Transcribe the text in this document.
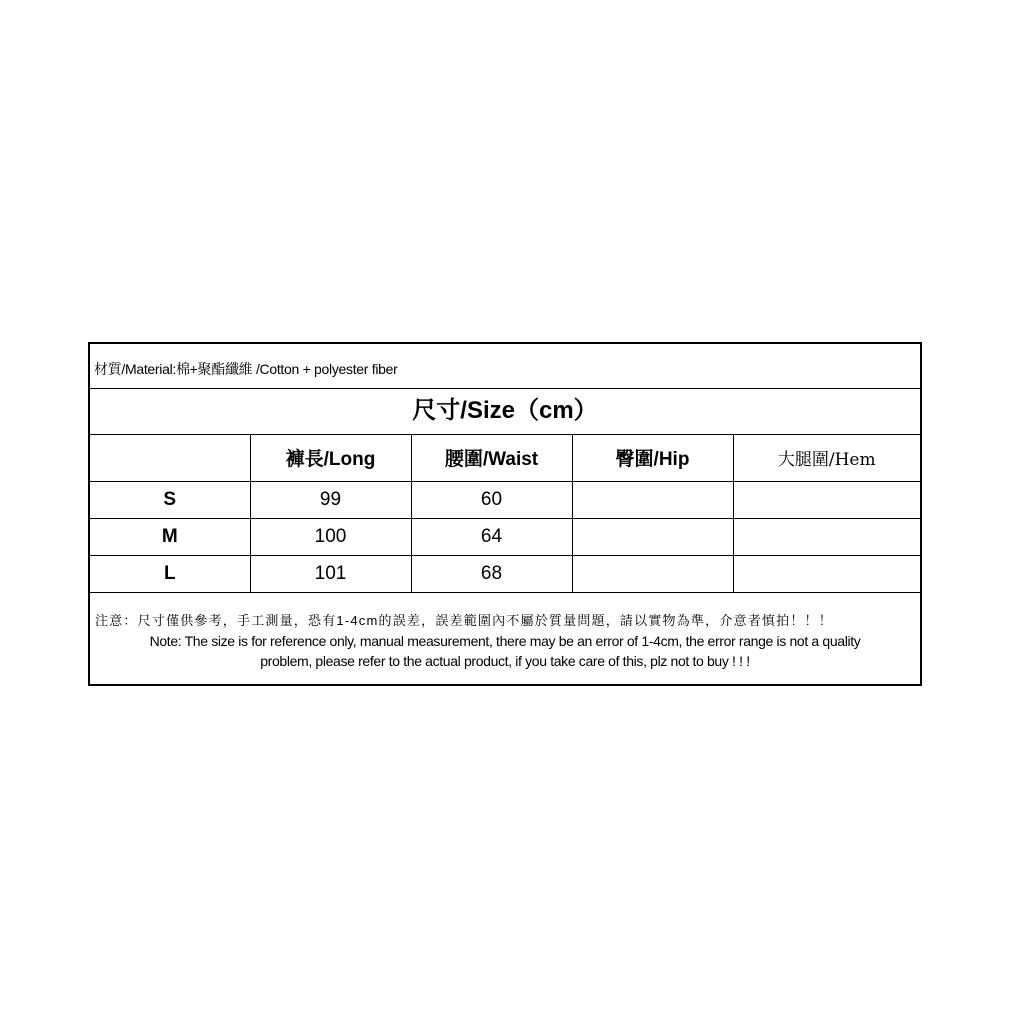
材質/Material:棉+聚酯纖維 /Cotton + polyester fiber
尺寸/Size（cm）
	褲長/Long	腰圍/Waist	臀圍/Hip	大腿圍/Hem
S	99	60		
M	100	64		
L	101	68		
注意：尺寸僅供參考，手工測量，恐有1-4cm的誤差，誤差範圍內不屬於質量問題，請以實物為準，介意者慎拍！！！
Note: The size is for reference only, manual measurement, there may be an error of 1-4cm, the error range is not a quality
problem, please refer to the actual product, if you take care of this, plz not to buy ! ! !
